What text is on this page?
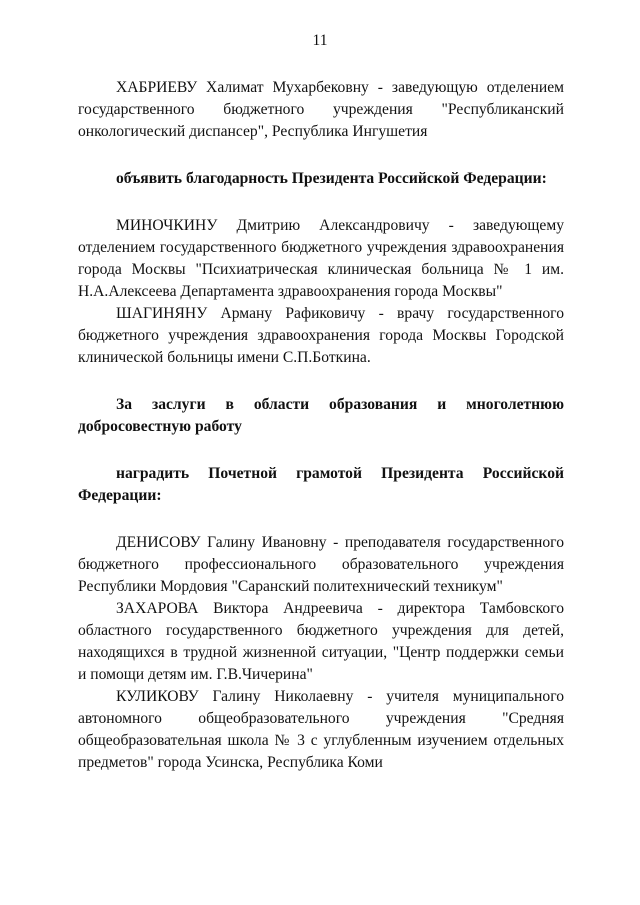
11

ХАБРИЕВУ Халимат Мухарбековну - заведующую отделением государственного бюджетного учреждения "Республиканский онкологический диспансер", Республика Ингушетия

объявить благодарность Президента Российской Федерации:

МИНОЧКИНУ Дмитрию Александровичу - заведующему отделением государственного бюджетного учреждения здравоохранения города Москвы "Психиатрическая клиническая больница № 1 им. Н.А.Алексеева Департамента здравоохранения города Москвы"

ШАГИНЯНУ Арману Рафиковичу - врачу государственного бюджетного учреждения здравоохранения города Москвы Городской клинической больницы имени С.П.Боткина.

За заслуги в области образования и многолетнюю добросовестную работу

наградить Почетной грамотой Президента Российской Федерации:

ДЕНИСОВУ Галину Ивановну - преподавателя государственного бюджетного профессионального образовательного учреждения Республики Мордовия "Саранский политехнический техникум"

ЗАХАРОВА Виктора Андреевича - директора Тамбовского областного государственного бюджетного учреждения для детей, находящихся в трудной жизненной ситуации, "Центр поддержки семьи и помощи детям им. Г.В.Чичерина"

КУЛИКОВУ Галину Николаевну - учителя муниципального автономного общеобразовательного учреждения "Средняя общеобразовательная школа № 3 с углубленным изучением отдельных предметов" города Усинска, Республика Коми
